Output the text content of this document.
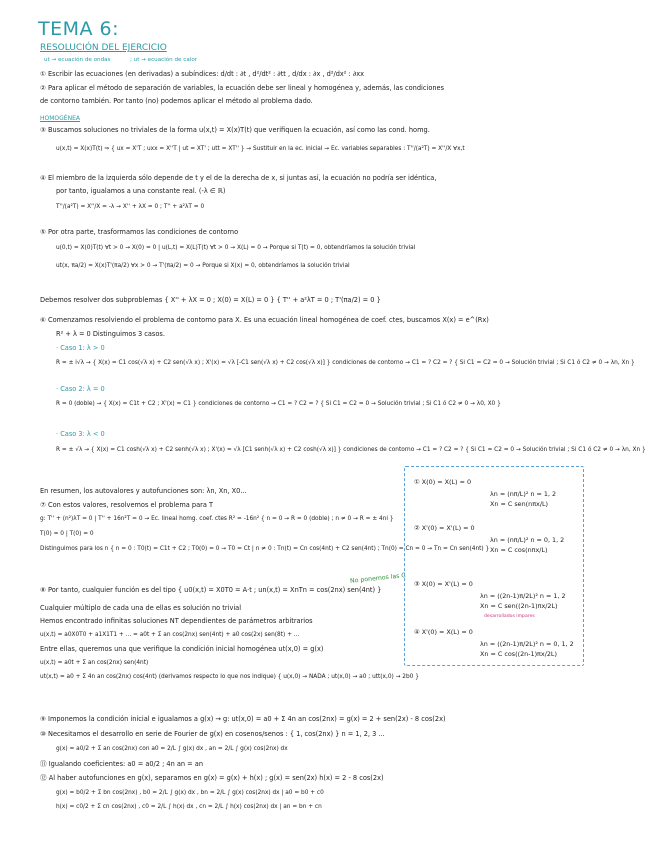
TEMA 6:
RESOLUCIÓN DEL EJERCICIO
ut → ecuación de ondas	; ut → ecuación de calor
① Escribir las ecuaciones (en derivadas) a subíndices: d/dt : ∂t , d²/dt² : ∂tt , d/dx : ∂x , d²/dx² : ∂xx
② Para aplicar el método de separación de variables, la ecuación debe ser lineal y homogénea y, además, las condiciones
de contorno también. Por tanto (no) podemos aplicar el método al problema dado.
HOMOGÉNEA
③ Buscamos soluciones no triviales de la forma u(x,t) = X(x)T(t) que verifiquen la ecuación, así como las cond. homg.
u(x,t) = X(x)T(t) ⇒ { ux = X'T ; uxx = X''T | ut = XT' ; utt = XT'' } → Sustituir en la ec. inicial → Ec. variables separables : T''/(a²T) = X''/X ∀x,t
④ El miembro de la izquierda sólo depende de t y el de la derecha de x, si juntas así, la ecuación no podría ser idéntica,
por tanto, igualamos a una constante real. (-λ ∈ ℝ)
T''/(a²T) = X''/X = -λ → X'' + λX = 0 ; T'' + a²λT = 0
⑤ Por otra parte, trasformamos las condiciones de contorno
u(0,t) = X(0)T(t) ∀t > 0 → X(0) = 0 | u(L,t) = X(L)T(t) ∀t > 0 → X(L) = 0 → Porque si T(t) = 0, obtendríamos la solución trivial
ut(x, πa/2) = X(x)T'(πa/2) ∀x > 0 → T'(πa/2) = 0 → Porque si X(x) = 0, obtendríamos la solución trivial
Debemos resolver dos subproblemas { X'' + λX = 0 ; X(0) = X(L) = 0 } { T'' + a²λT = 0 ; T'(πa/2) = 0 }
⑥ Comenzamos resolviendo el problema de contorno para X. Es una ecuación lineal homogénea de coef. ctes, buscamos X(x) = e^(Rx)
R² + λ = 0 Distinguimos 3 casos.
· Caso 1: λ > 0
R = ± i√λ → { X(x) = C1 cos(√λ x) + C2 sen(√λ x) ; X'(x) = √λ [-C1 sen(√λ x) + C2 cos(√λ x)] } condiciones de contorno → C1 = ? C2 = ? { Si C1 = C2 = 0 → Solución trivial ; Si C1 ó C2 ≠ 0 → λn, Xn }
· Caso 2: λ = 0
R = 0 (doble) → { X(x) = C1t + C2 ; X'(x) = C1 } condiciones de contorno → C1 = ? C2 = ? { Si C1 = C2 = 0 → Solución trivial ; Si C1 ó C2 ≠ 0 → λ0, X0 }
· Caso 3: λ < 0
R = ± √λ → { X(x) = C1 cosh(√λ x) + C2 senh(√λ x) ; X'(x) = √λ [C1 senh(√λ x) + C2 cosh(√λ x)] } condiciones de contorno → C1 = ? C2 = ? { Si C1 = C2 = 0 → Solución trivial ; Si C1 ó C2 ≠ 0 → λn, Xn }
En resumen, los autovalores y autofunciones son: λn, Xn, X0...
⑦ Con estos valores, resolvemos el problema para T
g: T'' + (n²)λT = 0 | T'' + 16n²T = 0 → Ec. lineal homg. coef. ctes R² = -16n² { n = 0 → R = 0 (doble) ; n ≠ 0 → R = ± 4ni }
T(0) = 0 | T(0) = 0
Distinguimos para los n { n = 0 : T0(t) = C1t + C2 ; T0(0) = 0 → T0 = Ct | n ≠ 0 : Tn(t) = Cn cos(4nt) + C2 sen(4nt) ; Tn(0) = Cn = 0 → Tn = Cn sen(4nt) }
⑧ Por tanto, cualquier función es del tipo { u0(x,t) = X0T0 = A·t ; un(x,t) = XnTn = cos(2nx) sen(4nt) }
Cualquier múltiplo de cada una de ellas es solución no trivial
Hemos encontrado infinitas soluciones NT dependientes de parámetros arbitrarios
u(x,t) = a0X0T0 + a1X1T1 + ... = a0t + Σ an cos(2nx) sen(4nt) + a0 cos(2x) sen(8t) + ...
Entre ellas, queremos una que verifique la condición inicial homogénea ut(x,0) = g(x)
u(x,t) = a0t + Σ an cos(2nx) sen(4nt)
ut(x,t) = a0 + Σ 4n an cos(2nx) cos(4nt) (derivamos respecto lo que nos indique) { u(x,0) → NADA ; ut(x,0) → a0 ; utt(x,0) → 2b0 }
⑨ Imponemos la condición inicial e igualamos a g(x) → g: ut(x,0) = a0 + Σ 4n an cos(2nx) = g(x) = 2 + sen(2x) - 8 cos(2x)
⑩ Necesitamos el desarrollo en serie de Fourier de g(x) en cosenos/senos : { 1, cos(2nx) } n = 1, 2, 3 ...
g(x) = a0/2 + Σ an cos(2nx) con a0 = 2/L ∫ g(x) dx , an = 2/L ∫ g(x) cos(2nx) dx
⑪ Igualando coeficientes: a0 = a0/2 ; 4n an = an
⑫ Al haber autofunciones en g(x), separamos en g(x) = g(x) + h(x) ; g(x) = sen(2x) h(x) = 2 - 8 cos(2x)
g(x) = b0/2 + Σ bn cos(2nx) , b0 = 2/L ∫ g(x) dx , bn = 2/L ∫ g(x) cos(2nx) dx | a0 = b0 + c0
h(x) = c0/2 + Σ cn cos(2nx) , c0 = 2/L ∫ h(x) dx , cn = 2/L ∫ h(x) cos(2nx) dx | an = bn + cn
No ponemos las C
① X(0) = X(L) = 0
λn = (nπ/L)² n = 1, 2
Xn = C sen(nπx/L)
② X'(0) = X'(L) = 0
λn = (nπ/L)² n = 0, 1, 2
Xn = C cos(nπx/L)
③ X(0) = X'(L) = 0
λn = ((2n-1)π/2L)² n = 1, 2
Xn = C sen((2n-1)πx/2L)
desarrollados impares
④ X'(0) = X(L) = 0
λn = ((2n-1)π/2L)² n = 0, 1, 2
Xn = C cos((2n-1)πx/2L)
